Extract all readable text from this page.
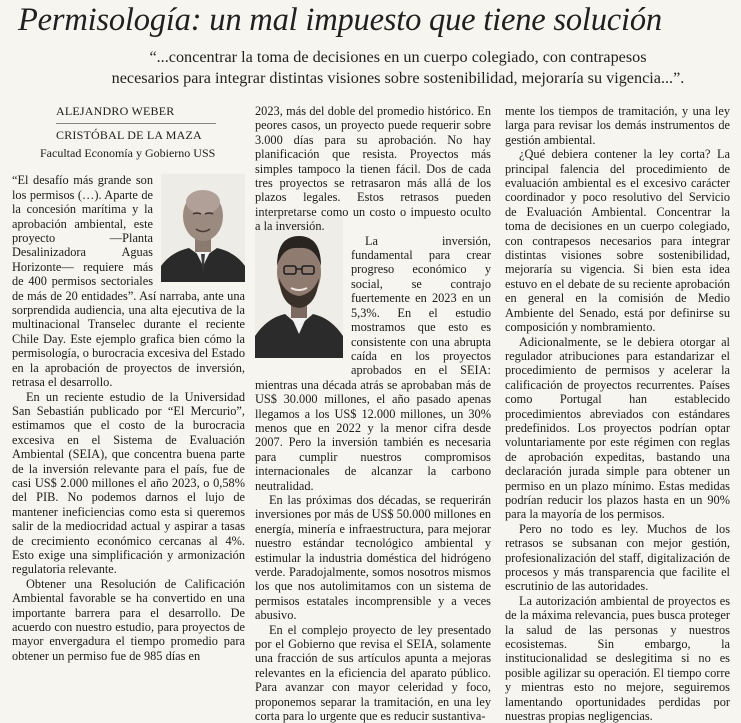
Permisología: un mal impuesto que tiene solución
“...concentrar la toma de decisiones en un cuerpo colegiado, con contrapesos
necesarios para integrar distintas visiones sobre sostenibilidad, mejoraría su vigencia...”.
ALEJANDRO WEBER
CRISTÓBAL DE LA MAZA
Facultad Economía y Gobierno USS

“El desafío más grande son los permisos (…). Aparte de la concesión marítima y la aprobación ambiental, este proyecto —Planta Desalinizadora Aguas Horizonte— requiere más de 400 permisos sectoriales de más de 20 entidades”. Así narraba, ante una sorprendida audiencia, una alta ejecutiva de la multinacional Transelec durante el reciente Chile Day. Este ejemplo grafica bien cómo la permisología, o burocracia excesiva del Estado en la aprobación de proyectos de inversión, retrasa el desarrollo.

En un reciente estudio de la Universidad San Sebastián publicado por “El Mercurio”, estimamos que el costo de la burocracia excesiva en el Sistema de Evaluación Ambiental (SEIA), que concentra buena parte de la inversión relevante para el país, fue de casi US$ 2.000 millones el año 2023, o 0,58% del PIB. No podemos darnos el lujo de mantener ineficiencias como esta si queremos salir de la mediocridad actual y aspirar a tasas de crecimiento económico cercanas al 4%. Esto exige una simplificación y armonización regulatoria relevante.

Obtener una Resolución de Calificación Ambiental favorable se ha convertido en una importante barrera para el desarrollo. De acuerdo con nuestro estudio, para proyectos de mayor envergadura el tiempo promedio para obtener un permiso fue de 985 días en

2023, más del doble del promedio histórico. En peores casos, un proyecto puede requerir sobre 3.000 días para su aprobación. No hay planificación que resista. Proyectos más simples tampoco la tienen fácil. Dos de cada tres proyectos se retrasaron más allá de los plazos legales. Estos retrasos pueden interpretarse como un costo o impuesto oculto a la inversión.

La inversión, fundamental para crear progreso económico y social, se contrajo fuertemente en 2023 en un 5,3%. En el estudio mostramos que esto es consistente con una abrupta caída en los proyectos aprobados en el SEIA: mientras una década atrás se aprobaban más de US$ 30.000 millones, el año pasado apenas llegamos a los US$ 12.000 millones, un 30% menos que en 2022 y la menor cifra desde 2007. Pero la inversión también es necesaria para cumplir nuestros compromisos internacionales de alcanzar la carbono neutralidad.

En las próximas dos décadas, se requerirán inversiones por más de US$ 50.000 millones en energía, minería e infraestructura, para mejorar nuestro estándar tecnológico ambiental y estimular la industria doméstica del hidrógeno verde. Paradojalmente, somos nosotros mismos los que nos autolimitamos con un sistema de permisos estatales incomprensible y a veces abusivo.

En el complejo proyecto de ley presentado por el Gobierno que revisa el SEIA, solamente una fracción de sus artículos apunta a mejoras relevantes en la eficiencia del aparato público. Para avanzar con mayor celeridad y foco, proponemos separar la tramitación, en una ley corta para lo urgente que es reducir sustantiva-

mente los tiempos de tramitación, y una ley larga para revisar los demás instrumentos de gestión ambiental.

¿Qué debiera contener la ley corta? La principal falencia del procedimiento de evaluación ambiental es el excesivo carácter coordinador y poco resolutivo del Servicio de Evaluación Ambiental. Concentrar la toma de decisiones en un cuerpo colegiado, con contrapesos necesarios para integrar distintas visiones sobre sostenibilidad, mejoraría su vigencia. Si bien esta idea estuvo en el debate de su reciente aprobación en general en la comisión de Medio Ambiente del Senado, está por definirse su composición y nombramiento.

Adicionalmente, se le debiera otorgar al regulador atribuciones para estandarizar el procedimiento de permisos y acelerar la calificación de proyectos recurrentes. Países como Portugal han establecido procedimientos abreviados con estándares predefinidos. Los proyectos podrían optar voluntariamente por este régimen con reglas de aprobación expeditas, bastando una declaración jurada simple para obtener un permiso en un plazo mínimo. Estas medidas podrían reducir los plazos hasta en un 90% para la mayoría de los permisos.

Pero no todo es ley. Muchos de los retrasos se subsanan con mejor gestión, profesionalización del staff, digitalización de procesos y más transparencia que facilite el escrutinio de las autoridades.

La autorización ambiental de proyectos es de la máxima relevancia, pues busca proteger la salud de las personas y nuestros ecosistemas. Sin embargo, la institucionalidad se deslegitima si no es posible agilizar su operación. El tiempo corre y mientras esto no mejore, seguiremos lamentando oportunidades perdidas por nuestras propias negligencias.
